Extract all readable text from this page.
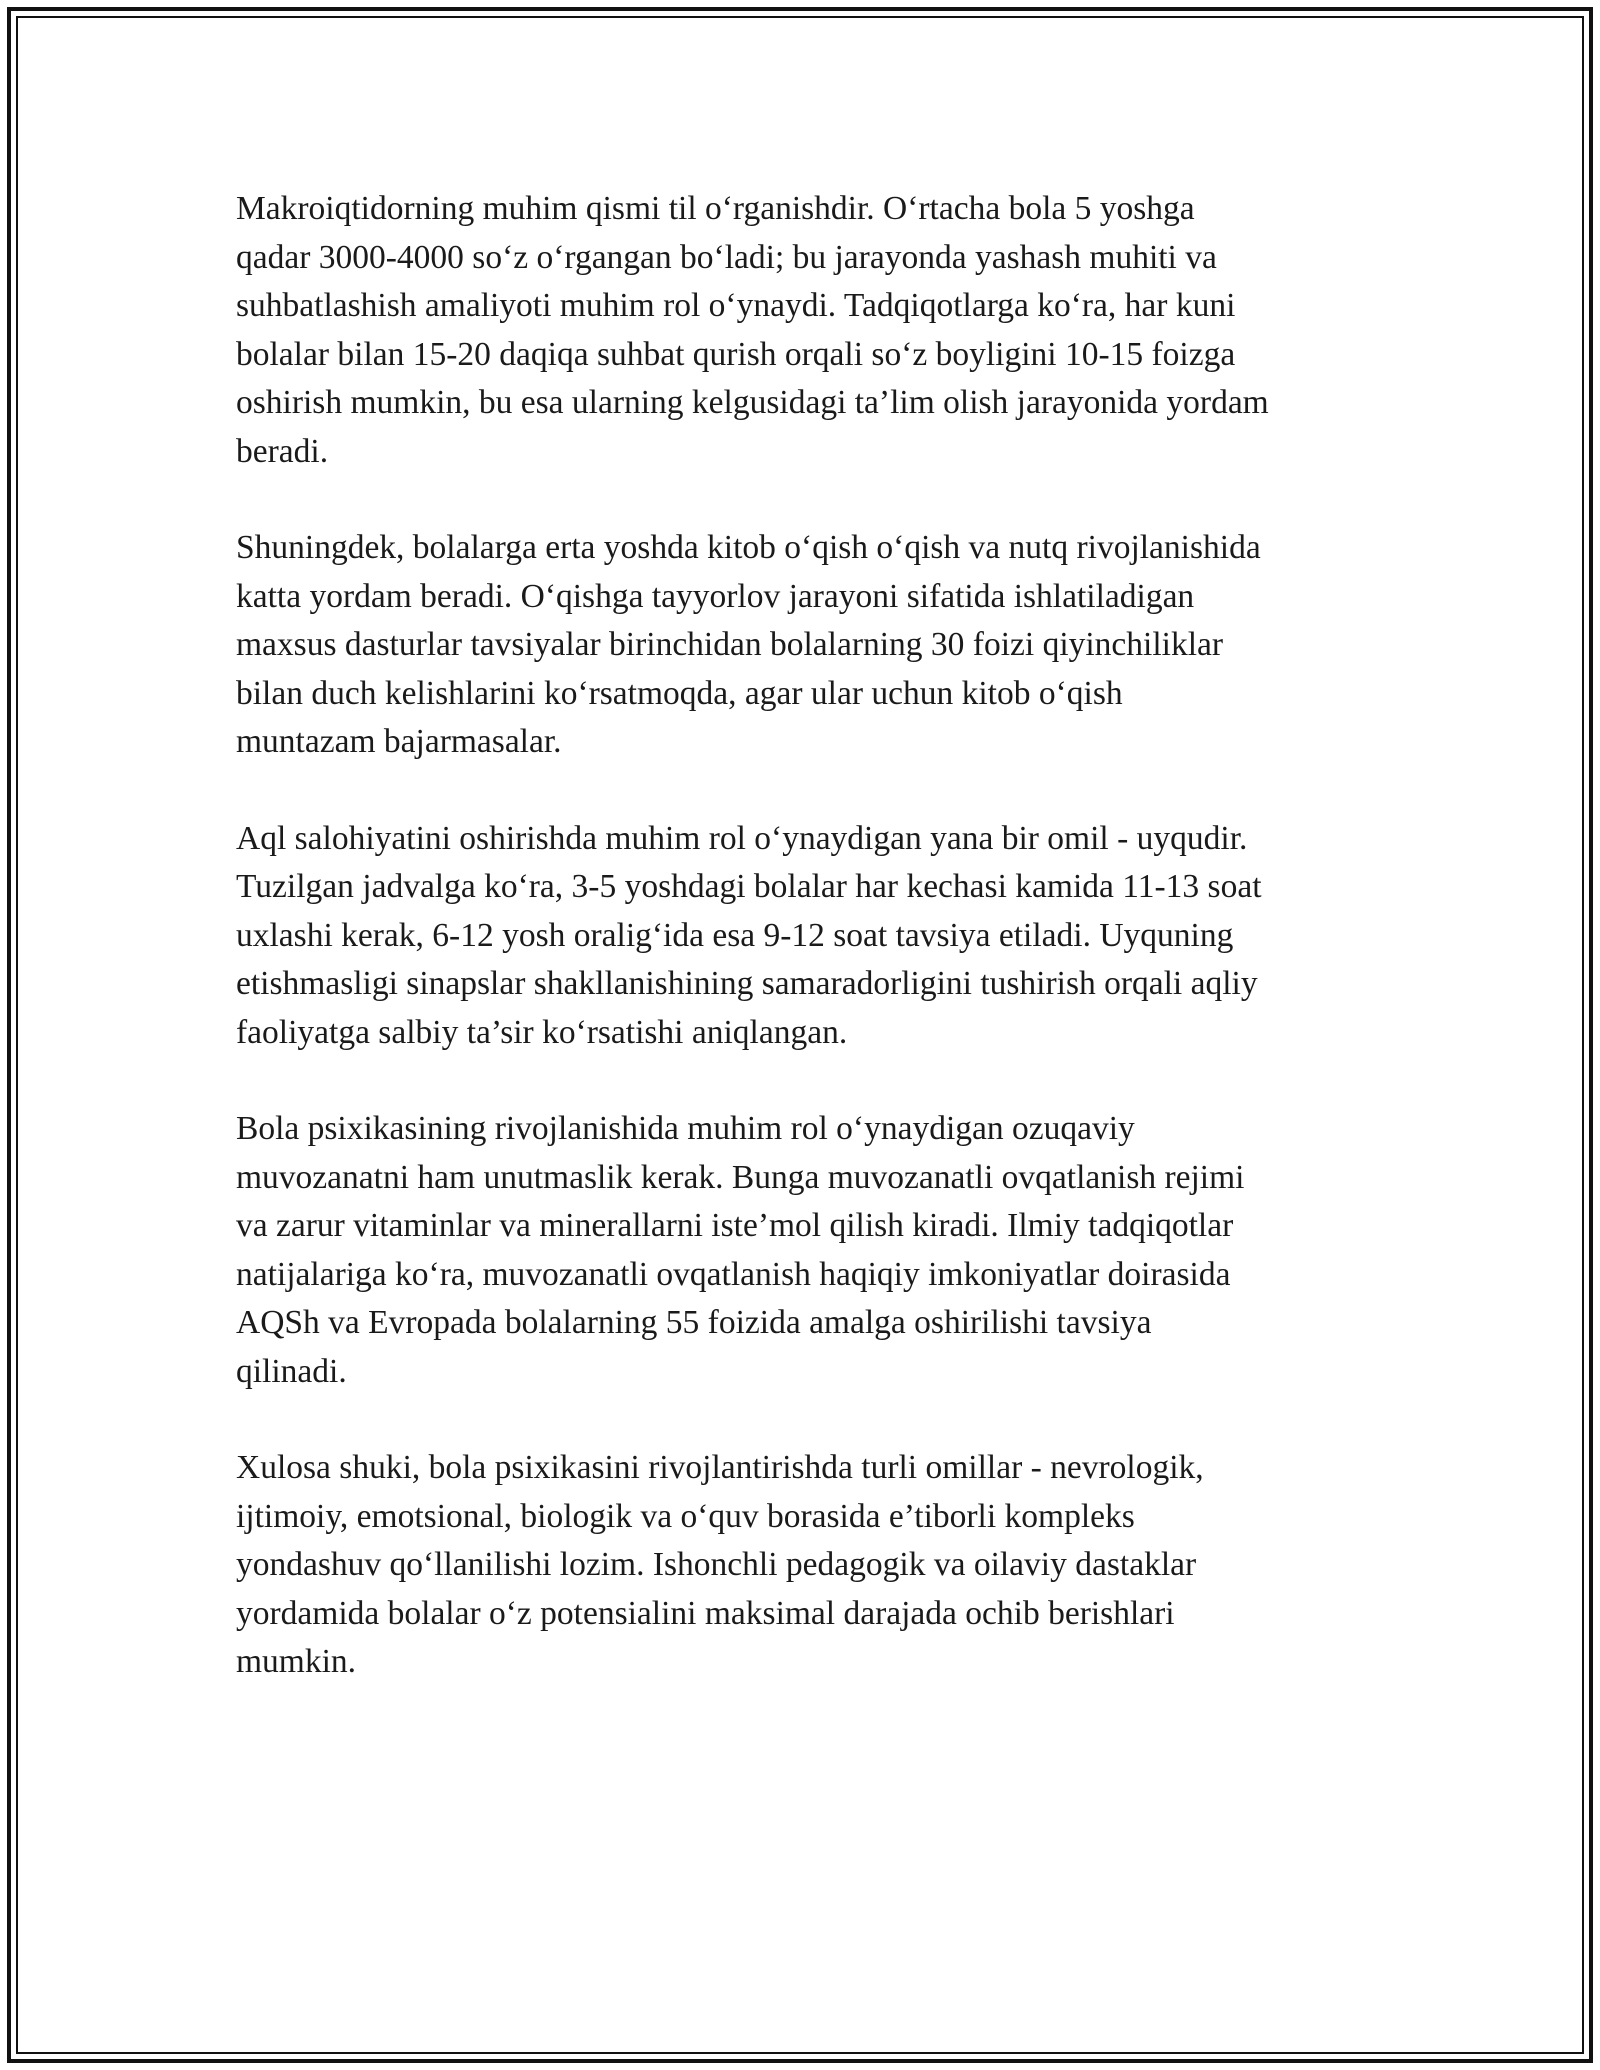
Makroiqtidorning muhim qismi til o‘rganishdir. O‘rtacha bola 5 yoshga
qadar 3000-4000 so‘z o‘rgangan bo‘ladi; bu jarayonda yashash muhiti va
suhbatlashish amaliyoti muhim rol o‘ynaydi. Tadqiqotlarga ko‘ra, har kuni
bolalar bilan 15-20 daqiqa suhbat qurish orqali so‘z boyligini 10-15 foizga
oshirish mumkin, bu esa ularning kelgusidagi ta’lim olish jarayonida yordam
beradi.

Shuningdek, bolalarga erta yoshda kitob o‘qish o‘qish va nutq rivojlanishida
katta yordam beradi. O‘qishga tayyorlov jarayoni sifatida ishlatiladigan
maxsus dasturlar tavsiyalar birinchidan bolalarning 30 foizi qiyinchiliklar
bilan duch kelishlarini ko‘rsatmoqda, agar ular uchun kitob o‘qish
muntazam bajarmasalar.

Aql salohiyatini oshirishda muhim rol o‘ynaydigan yana bir omil - uyqudir.
Tuzilgan jadvalga ko‘ra, 3-5 yoshdagi bolalar har kechasi kamida 11-13 soat
uxlashi kerak, 6-12 yosh oralig‘ida esa 9-12 soat tavsiya etiladi. Uyquning
etishmasligi sinapslar shakllanishining samaradorligini tushirish orqali aqliy
faoliyatga salbiy ta’sir ko‘rsatishi aniqlangan.

Bola psixikasining rivojlanishida muhim rol o‘ynaydigan ozuqaviy
muvozanatni ham unutmaslik kerak. Bunga muvozanatli ovqatlanish rejimi
va zarur vitaminlar va minerallarni iste’mol qilish kiradi. Ilmiy tadqiqotlar
natijalariga ko‘ra, muvozanatli ovqatlanish haqiqiy imkoniyatlar doirasida
AQSh va Evropada bolalarning 55 foizida amalga oshirilishi tavsiya
qilinadi.

Xulosa shuki, bola psixikasini rivojlantirishda turli omillar - nevrologik,
ijtimoiy, emotsional, biologik va o‘quv borasida e’tiborli kompleks
yondashuv qo‘llanilishi lozim. Ishonchli pedagogik va oilaviy dastaklar
yordamida bolalar o‘z potensialini maksimal darajada ochib berishlari
mumkin.
